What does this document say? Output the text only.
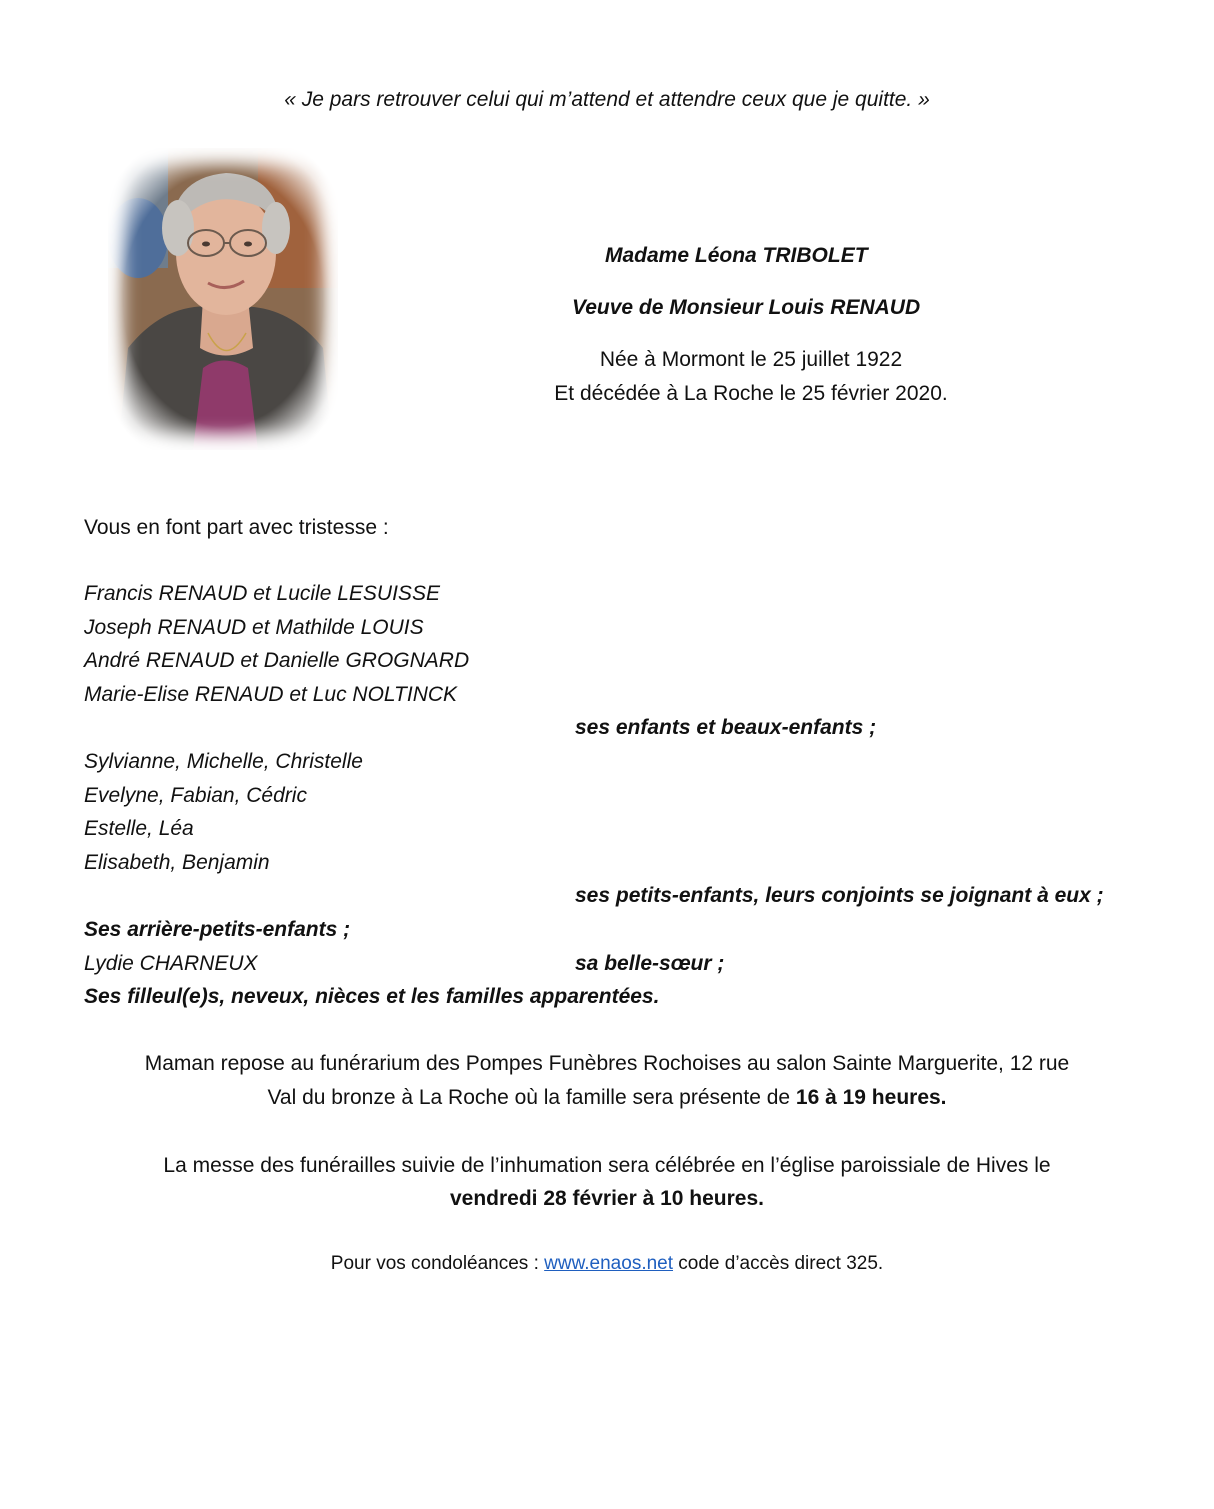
« Je pars retrouver celui qui m’attend et attendre ceux que je quitte. »
Madame Léona TRIBOLET
Veuve de Monsieur Louis RENAUD
Née à Mormont le 25 juillet 1922
Et décédée à La Roche le 25 février 2020.
Vous en font part avec tristesse :
Francis RENAUD et Lucile LESUISSE
Joseph RENAUD et Mathilde LOUIS
André RENAUD et Danielle GROGNARD
Marie-Elise RENAUD et Luc NOLTINCK
ses enfants et beaux-enfants ;
Sylvianne, Michelle, Christelle
Evelyne, Fabian, Cédric
Estelle, Léa
Elisabeth, Benjamin
ses petits-enfants, leurs conjoints se joignant à eux ;
Ses arrière-petits-enfants ;
Lydie CHARNEUX	sa belle-sœur ;
Ses filleul(e)s, neveux, nièces et les familles apparentées.
Maman repose au funérarium des Pompes Funèbres Rochoises au salon Sainte Marguerite, 12 rue
Val du bronze à La Roche où la famille sera présente de 16 à 19 heures.
La messe des funérailles suivie de l’inhumation sera célébrée en l’église paroissiale de Hives le
vendredi 28 février à 10 heures.
Pour vos condoléances : www.enaos.net code d’accès direct 325.
